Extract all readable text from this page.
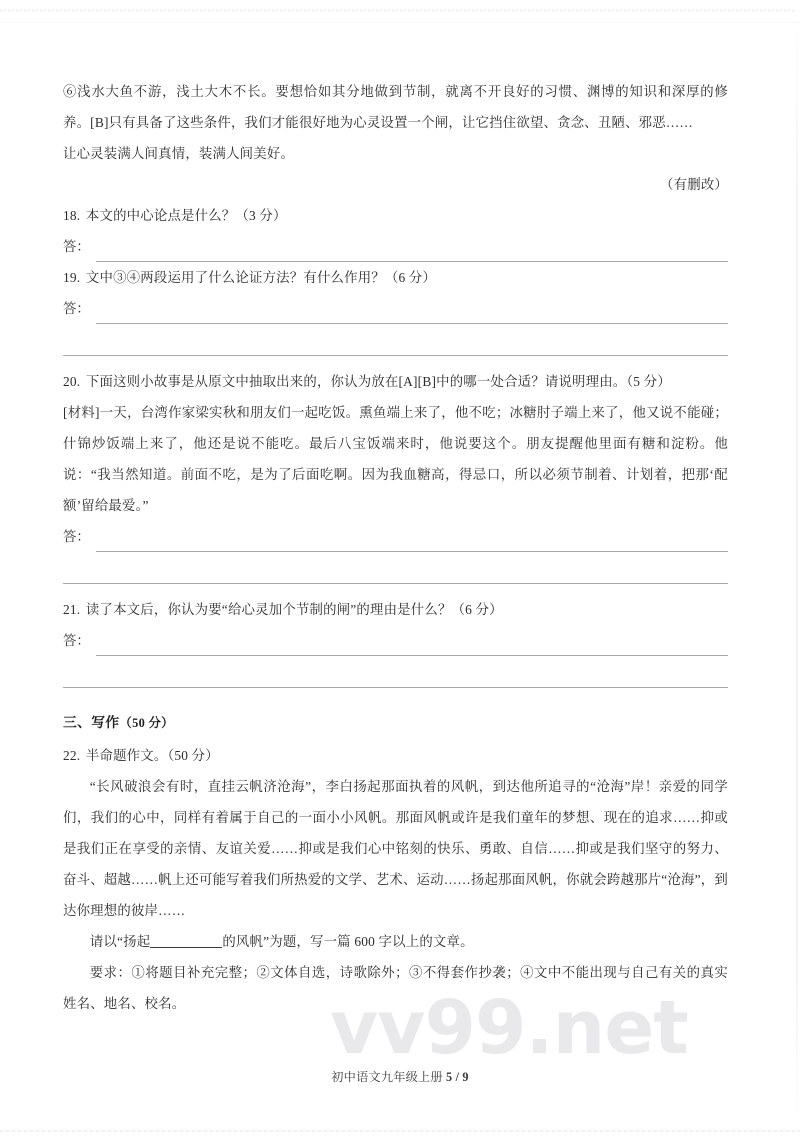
⑥浅水大鱼不游，浅土大木不长。要想恰如其分地做到节制，就离不开良好的习惯、渊博的知识和深厚的修养。[B]只有具备了这些条件，我们才能很好地为心灵设置一个闸，让它挡住欲望、贪念、丑陋、邪恶……

让心灵装满人间真情，装满人间美好。

（有删改）

18. 本文的中心论点是什么？（3 分）

答：

19. 文中③④两段运用了什么论证方法？有什么作用？（6 分）

答：

20. 下面这则小故事是从原文中抽取出来的，你认为放在[A][B]中的哪一处合适？请说明理由。（5 分）

[材料]一天，台湾作家梁实秋和朋友们一起吃饭。熏鱼端上来了，他不吃；冰糖肘子端上来了，他又说不能碰；什锦炒饭端上来了，他还是说不能吃。最后八宝饭端来时，他说要这个。朋友提醒他里面有糖和淀粉。他说：“我当然知道。前面不吃，是为了后面吃啊。因为我血糖高，得忌口，所以必须节制着、计划着，把那‘配额’留给最爱。”

答：

21. 读了本文后，你认为要“给心灵加个节制的闸”的理由是什么？（6 分）

答：

三、写作（50 分）

22. 半命题作文。（50 分）

“长风破浪会有时，直挂云帆济沧海”，李白扬起那面执着的风帆，到达他所追寻的“沧海”岸！亲爱的同学们，我们的心中，同样有着属于自己的一面小小风帆。那面风帆或许是我们童年的梦想、现在的追求……抑或是我们正在享受的亲情、友谊关爱……抑或是我们心中铭刻的快乐、勇敢、自信……抑或是我们坚守的努力、奋斗、超越……帆上还可能写着我们所热爱的文学、艺术、运动……扬起那面风帆，你就会跨越那片“沧海”，到达你理想的彼岸……

请以“扬起	的风帆”为题，写一篇 600 字以上的文章。

要求：①将题目补充完整；②文体自选，诗歌除外；③不得套作抄袭；④文中不能出现与自己有关的真实姓名、地名、校名。	vv99.net
初中语文九年级上册 5 / 9
